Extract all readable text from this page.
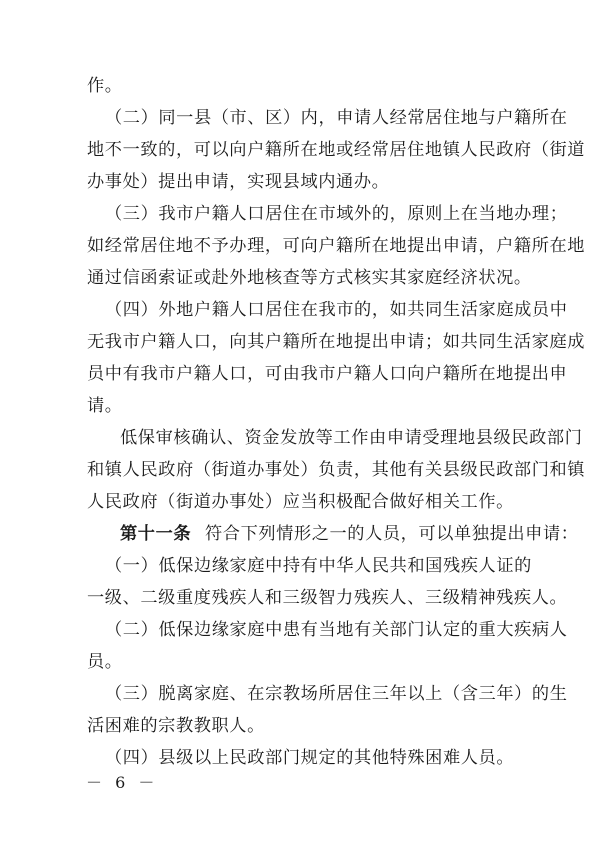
作。
（二）同一县（市、区）内，申请人经常居住地与户籍所在
地不一致的，可以向户籍所在地或经常居住地镇人民政府（街道
办事处）提出申请，实现县域内通办。
（三）我市户籍人口居住在市域外的，原则上在当地办理；
如经常居住地不予办理，可向户籍所在地提出申请，户籍所在地
通过信函索证或赴外地核查等方式核实其家庭经济状况。
（四）外地户籍人口居住在我市的，如共同生活家庭成员中
无我市户籍人口，向其户籍所在地提出申请；如共同生活家庭成
员中有我市户籍人口，可由我市户籍人口向户籍所在地提出申
请。
低保审核确认、资金发放等工作由申请受理地县级民政部门
和镇人民政府（街道办事处）负责，其他有关县级民政部门和镇
人民政府（街道办事处）应当积极配合做好相关工作。
第十一条 符合下列情形之一的人员，可以单独提出申请：
（一）低保边缘家庭中持有中华人民共和国残疾人证的
一级、二级重度残疾人和三级智力残疾人、三级精神残疾人。
（二）低保边缘家庭中患有当地有关部门认定的重大疾病人
员。
（三）脱离家庭、在宗教场所居住三年以上（含三年）的生
活困难的宗教教职人。
（四）县级以上民政部门规定的其他特殊困难人员。
－ 6 －
